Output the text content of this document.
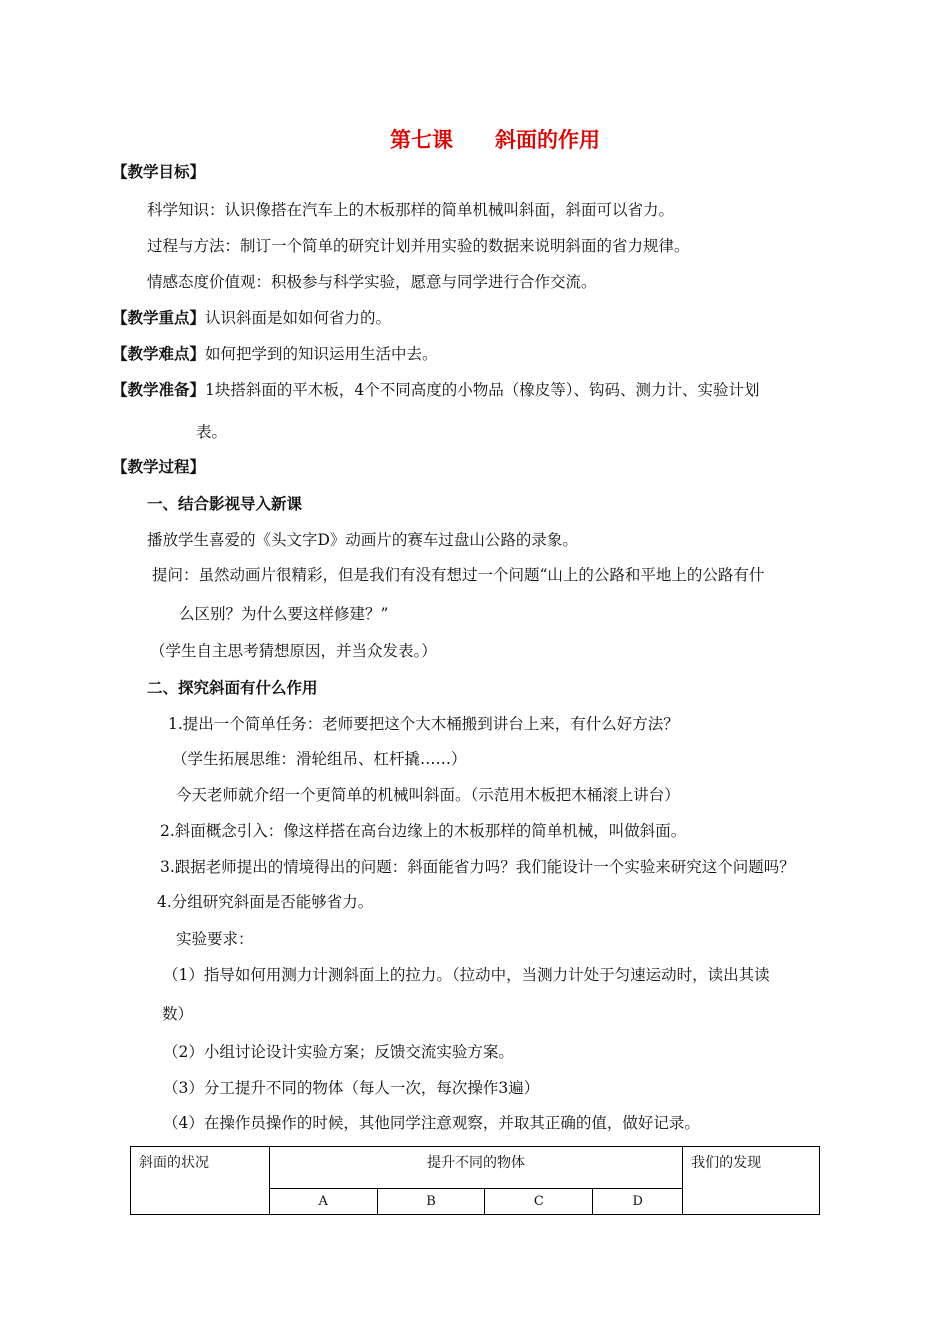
第七课　　斜面的作用
【教学目标】
科学知识：认识像搭在汽车上的木板那样的简单机械叫斜面，斜面可以省力。
过程与方法：制订一个简单的研究计划并用实验的数据来说明斜面的省力规律。
情感态度价值观：积极参与科学实验，愿意与同学进行合作交流。
【教学重点】认识斜面是如如何省力的。
【教学难点】如何把学到的知识运用生活中去。
【教学准备】1块搭斜面的平木板，4个不同高度的小物品（橡皮等）、钩码、测力计、实验计划
表。
【教学过程】
一、结合影视导入新课
播放学生喜爱的《头文字D》动画片的赛车过盘山公路的录象。
提问：虽然动画片很精彩，但是我们有没有想过一个问题“山上的公路和平地上的公路有什
么区别？为什么要这样修建？”
（学生自主思考猜想原因，并当众发表。）
二、探究斜面有什么作用
1.提出一个简单任务：老师要把这个大木桶搬到讲台上来，有什么好方法？
（学生拓展思维：滑轮组吊、杠杆撬……）
今天老师就介绍一个更简单的机械叫斜面。（示范用木板把木桶滚上讲台）
2.斜面概念引入：像这样搭在高台边缘上的木板那样的简单机械，叫做斜面。
3.跟据老师提出的情境得出的问题：斜面能省力吗？我们能设计一个实验来研究这个问题吗？
4.分组研究斜面是否能够省力。
实验要求：
（1）指导如何用测力计测斜面上的拉力。（拉动中，当测力计处于匀速运动时，读出其读
数）
（2）小组讨论设计实验方案；反馈交流实验方案。
（3）分工提升不同的物体（每人一次，每次操作3遍）
（4）在操作员操作的时候，其他同学注意观察，并取其正确的值，做好记录。
斜面的状况	提升不同的物体				我们的发现
	A	B	C	D	
